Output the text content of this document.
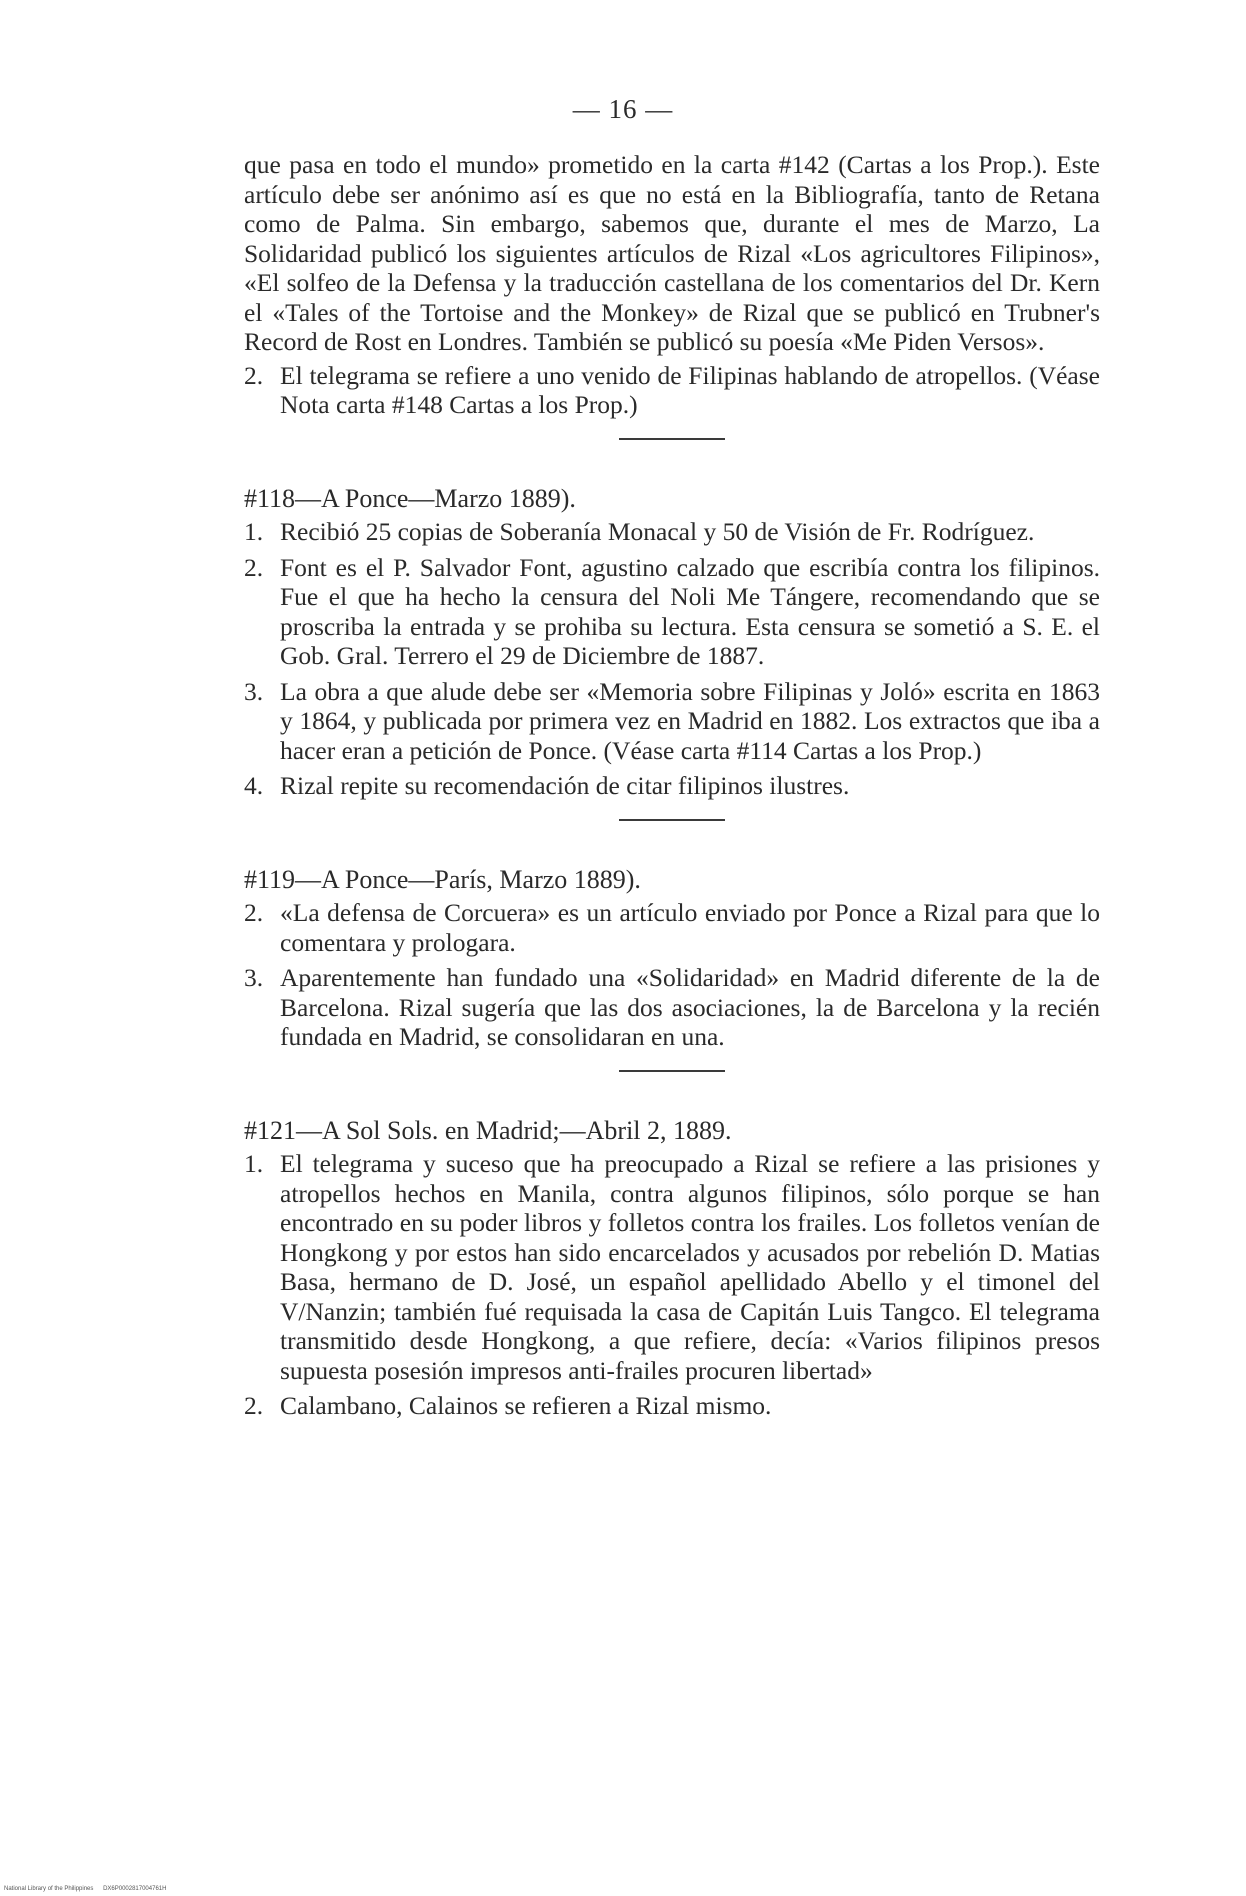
— 16 —

que pasa en todo el mundo» prometido en la carta #142 (Cartas a los Prop.). Este artículo debe ser anónimo así es que no está en la Bibliografía, tanto de Retana como de Palma. Sin embargo, sabemos que, durante el mes de Marzo, La Solidaridad publicó los siguientes artículos de Rizal «Los agricultores Filipinos», «El solfeo de la Defensa y la traducción castellana de los comentarios del Dr. Kern el «Tales of the Tortoise and the Monkey» de Rizal que se publicó en Trubner's Record de Rost en Londres. También se publicó su poesía «Me Piden Versos».

2. El telegrama se refiere a uno venido de Filipinas hablando de atropellos. (Véase Nota carta #148 Cartas a los Prop.)

#118—A Ponce—Marzo 1889).

1. Recibió 25 copias de Soberanía Monacal y 50 de Visión de Fr. Rodríguez.

2. Font es el P. Salvador Font, agustino calzado que escribía contra los filipinos. Fue el que ha hecho la censura del Noli Me Tángere, recomendando que se proscriba la entrada y se prohiba su lectura. Esta censura se sometió a S. E. el Gob. Gral. Terrero el 29 de Diciembre de 1887.

3. La obra a que alude debe ser «Memoria sobre Filipinas y Joló» escrita en 1863 y 1864, y publicada por primera vez en Madrid en 1882. Los extractos que iba a hacer eran a petición de Ponce. (Véase carta #114 Cartas a los Prop.)

4. Rizal repite su recomendación de citar filipinos ilustres.

#119—A Ponce—París, Marzo 1889).

2. «La defensa de Corcuera» es un artículo enviado por Ponce a Rizal para que lo comentara y prologara.

3. Aparentemente han fundado una «Solidaridad» en Madrid diferente de la de Barcelona. Rizal sugería que las dos asociaciones, la de Barcelona y la recién fundada en Madrid, se consolidaran en una.

#121—A Sol Sols. en Madrid;—Abril 2, 1889.

1. El telegrama y suceso que ha preocupado a Rizal se refiere a las prisiones y atropellos hechos en Manila, contra algunos filipinos, sólo porque se han encontrado en su poder libros y folletos contra los frailes. Los folletos venían de Hongkong y por estos han sido encarcelados y acusados por rebelión D. Matias Basa, hermano de D. José, un español apellidado Abello y el timonel del V/Nanzin; también fué requisada la casa de Capitán Luis Tangco. El telegrama transmitido desde Hongkong, a que refiere, decía: «Varios filipinos presos supuesta posesión impresos anti-frailes procuren libertad»

2. Calambano, Calainos se refieren a Rizal mismo.

National Library of the Philippines DX6P0002817004761H
